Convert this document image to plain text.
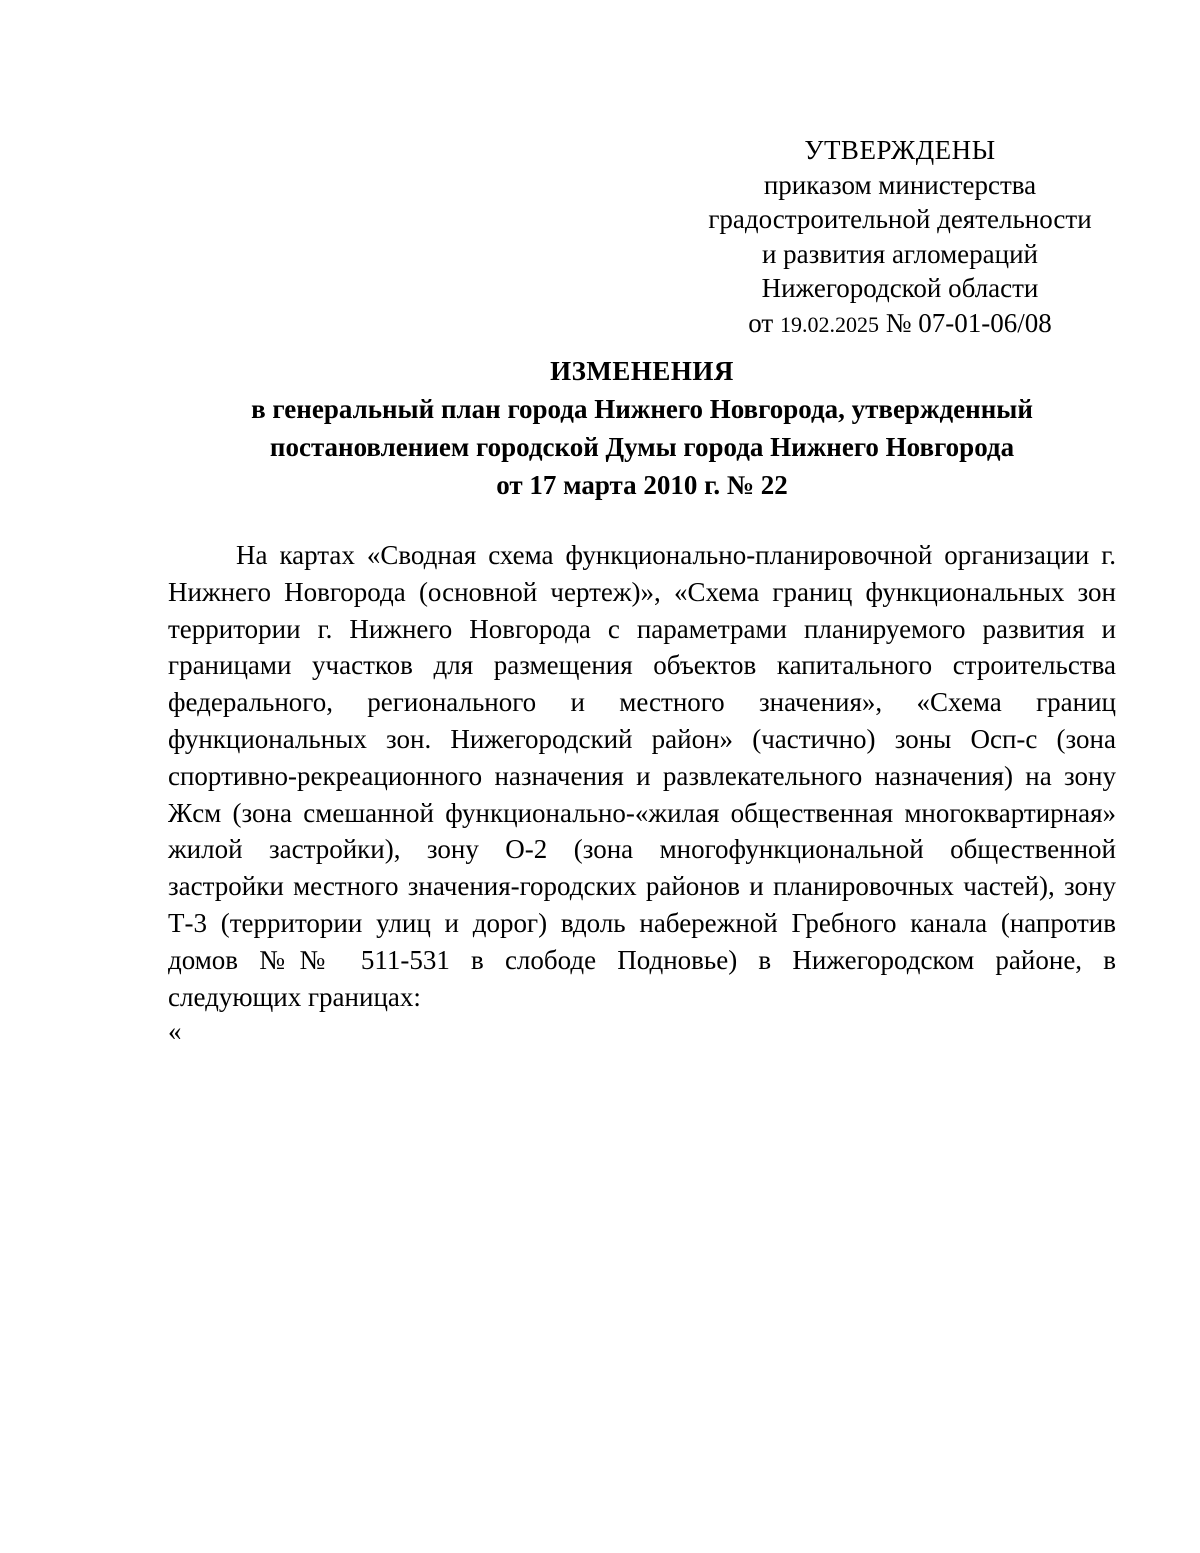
УТВЕРЖДЕНЫ
приказом министерства
градостроительной деятельности
и развития агломераций
Нижегородской области
от 19.02.2025 № 07-01-06/08
ИЗМЕНЕНИЯ
в генеральный план города Нижнего Новгорода, утвержденный
постановлением городской Думы города Нижнего Новгорода
от 17 марта 2010 г. № 22
На картах «Сводная схема функционально-планировочной организации г.
Нижнего Новгорода (основной чертеж)», «Схема границ функциональных зон
территории г. Нижнего Новгорода с параметрами планируемого развития и
границами участков для размещения объектов капитального строительства
федерального, регионального и местного значения», «Схема границ
функциональных зон. Нижегородский район» (частично) зоны Осп-с (зона
спортивно-рекреационного назначения и развлекательного назначения) на зону
Жсм (зона смешанной функционально-«жилая общественная многоквартирная»
жилой застройки), зону О-2 (зона многофункциональной общественной
застройки местного значения-городских районов и планировочных частей), зону
Т-3 (территории улиц и дорог) вдоль набережной Гребного канала (напротив
домов №№ 511-531 в слободе Подновье) в Нижегородском районе, в
следующих границах:
«
